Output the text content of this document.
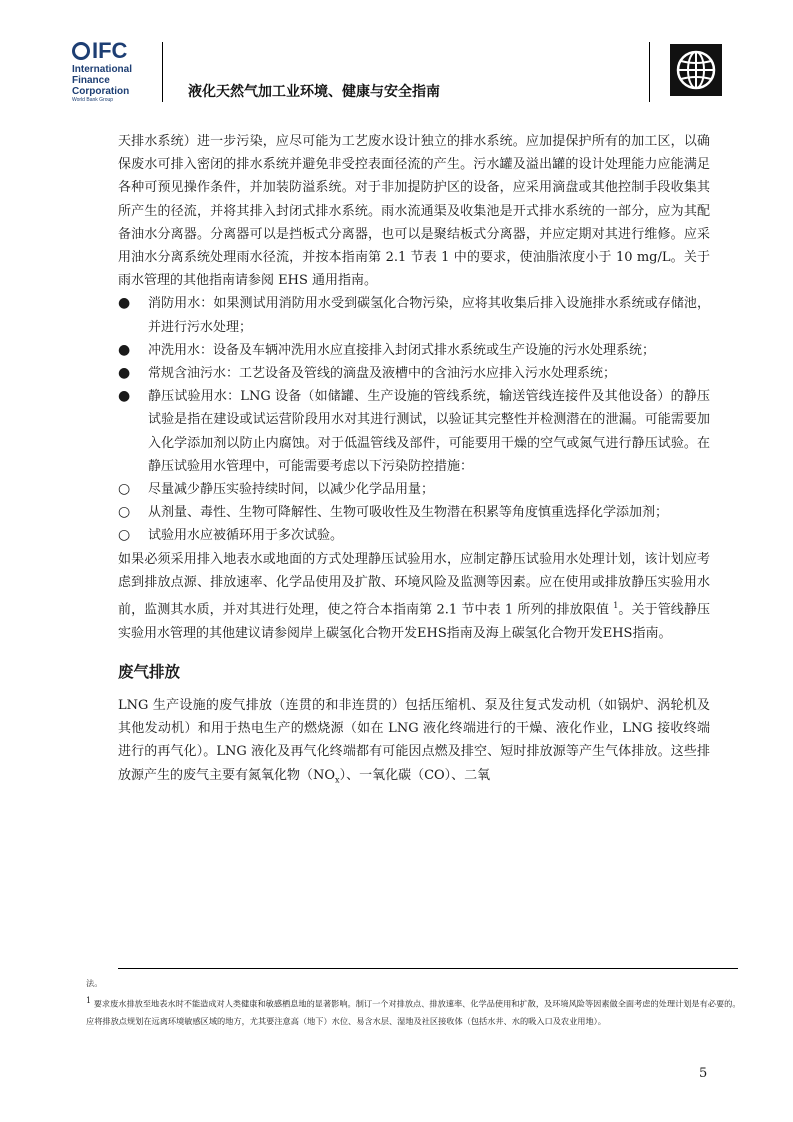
IFC
International
Finance
Corporation
World Bank Group	液化天然气加工业环境、健康与安全指南

天排水系统）进一步污染，应尽可能为工艺废水设计独立的排水系统。应加提保护所有的加工区，以确保废水可排入密闭的排水系统并避免非受控表面径流的产生。污水罐及溢出罐的设计处理能力应能满足各种可预见操作条件，并加装防溢系统。对于非加提防护区的设备，应采用滴盘或其他控制手段收集其所产生的径流，并将其排入封闭式排水系统。雨水流通渠及收集池是开式排水系统的一部分，应为其配备油水分离器。分离器可以是挡板式分离器，也可以是聚结板式分离器，并应定期对其进行维修。应采用油水分离系统处理雨水径流，并按本指南第 2.1 节表 1 中的要求，使油脂浓度小于 10 mg/L。关于雨水管理的其他指南请参阅 EHS 通用指南。

●	消防用水：如果测试用消防用水受到碳氢化合物污染，应将其收集后排入设施排水系统或存储池，并进行污水处理；
●	冲洗用水：设备及车辆冲洗用水应直接排入封闭式排水系统或生产设施的污水处理系统；
●	常规含油污水：工艺设备及管线的滴盘及液槽中的含油污水应排入污水处理系统；
●	静压试验用水：LNG 设备（如储罐、生产设施的管线系统，输送管线连接件及其他设备）的静压试验是指在建设或试运营阶段用水对其进行测试，以验证其完整性并检测潜在的泄漏。可能需要加入化学添加剂以防止内腐蚀。对于低温管线及部件，可能要用干燥的空气或氮气进行静压试验。在静压试验用水管理中，可能需要考虑以下污染防控措施：
○	尽量减少静压实验持续时间，以减少化学品用量；
○	从剂量、毒性、生物可降解性、生物可吸收性及生物潜在积累等角度慎重选择化学添加剂；
○	试验用水应被循环用于多次试验。

如果必须采用排入地表水或地面的方式处理静压试验用水，应制定静压试验用水处理计划，该计划应考虑到排放点源、排放速率、化学品使用及扩散、环境风险及监测等因素。应在使用或排放静压实验用水前，监测其水质，并对其进行处理，使之符合本指南第 2.1 节中表 1 所列的排放限值 $^1$。关于管线静压实验用水管理的其他建议请参阅岸上碳氢化合物开发EHS指南及海上碳氢化合物开发EHS指南。

废气排放

LNG 生产设施的废气排放（连贯的和非连贯的）包括压缩机、泵及往复式发动机（如锅炉、涡轮机及其他发动机）和用于热电生产的燃烧源（如在 LNG 液化终端进行的干燥、液化作业，LNG 接收终端进行的再气化）。LNG 液化及再气化终端都有可能因点燃及排空、短时排放源等产生气体排放。这些排放源产生的废气主要有氮氧化物$(NO_x)$、一氧化碳（CO）、二氧

法。
1 要求废水排放至地表水时不能造成对人类健康和敏感栖息地的显著影响。制订一个对排放点、排放速率、化学品使用和扩散，及环境风险等因素做全面考虑的处理计划是有必要的。应将排放点规划在远离环境敏感区域的地方，尤其要注意高（地下）水位、易含水层、湿地及社区接收体（包括水井、水的吸入口及农业用地）。
5
